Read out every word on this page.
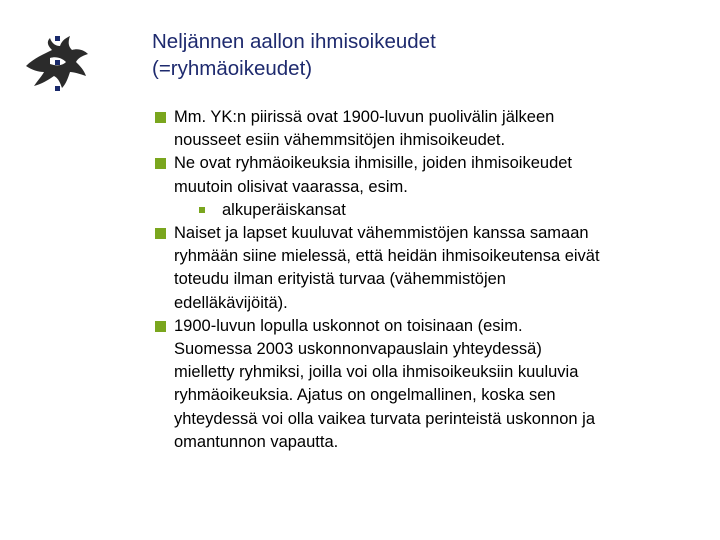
Neljännen aallon ihmisoikeudet
(=ryhmäoikeudet)
Mm. YK:n piirissä ovat 1900-luvun puolivälin jälkeen
nousseet esiin vähemmsitöjen ihmisoikeudet.
Ne ovat ryhmäoikeuksia ihmisille, joiden ihmisoikeudet
muutoin olisivat vaarassa, esim.
alkuperäiskansat
Naiset ja lapset kuuluvat vähemmistöjen kanssa samaan
ryhmään siine mielessä, että heidän ihmisoikeutensa eivät
toteudu ilman erityistä turvaa (vähemmistöjen
edelläkävijöitä).
1900-luvun lopulla uskonnot on toisinaan (esim.
Suomessa 2003 uskonnonvapauslain yhteydessä)
mielletty ryhmiksi, joilla voi olla ihmisoikeuksiin kuuluvia
ryhmäoikeuksia. Ajatus on ongelmallinen, koska sen
yhteydessä voi olla vaikea turvata perinteistä uskonnon ja
omantunnon vapautta.
